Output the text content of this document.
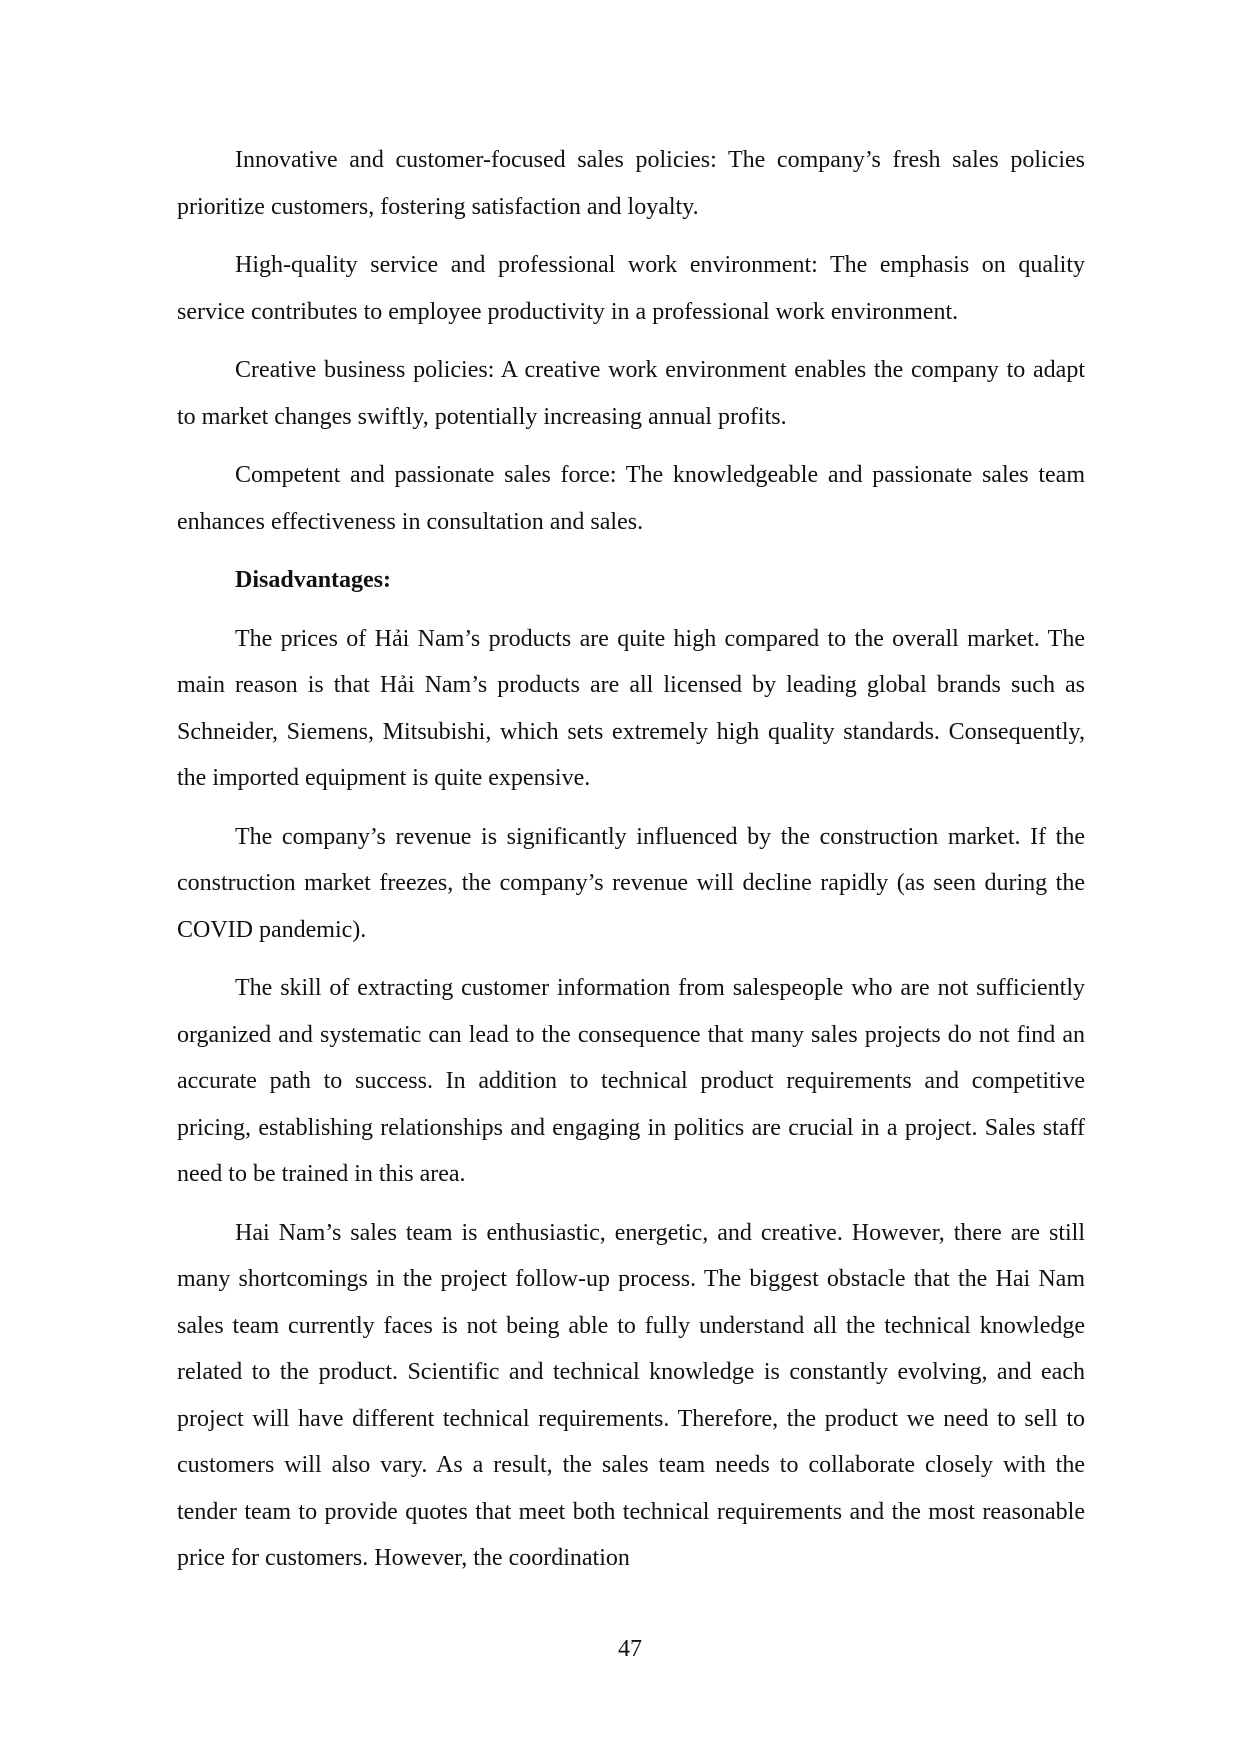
Innovative and customer-focused sales policies: The company’s fresh sales policies prioritize customers, fostering satisfaction and loyalty.

High-quality service and professional work environment: The emphasis on quality service contributes to employee productivity in a professional work environment.

Creative business policies: A creative work environment enables the company to adapt to market changes swiftly, potentially increasing annual profits.

Competent and passionate sales force: The knowledgeable and passionate sales team enhances effectiveness in consultation and sales.

Disadvantages:

The prices of Hải Nam’s products are quite high compared to the overall market. The main reason is that Hải Nam’s products are all licensed by leading global brands such as Schneider, Siemens, Mitsubishi, which sets extremely high quality standards. Consequently, the imported equipment is quite expensive.

The company’s revenue is significantly influenced by the construction market. If the construction market freezes, the company’s revenue will decline rapidly (as seen during the COVID pandemic).

The skill of extracting customer information from salespeople who are not sufficiently organized and systematic can lead to the consequence that many sales projects do not find an accurate path to success. In addition to technical product requirements and competitive pricing, establishing relationships and engaging in politics are crucial in a project. Sales staff need to be trained in this area.

Hai Nam’s sales team is enthusiastic, energetic, and creative. However, there are still many shortcomings in the project follow-up process. The biggest obstacle that the Hai Nam sales team currently faces is not being able to fully understand all the technical knowledge related to the product. Scientific and technical knowledge is constantly evolving, and each project will have different technical requirements. Therefore, the product we need to sell to customers will also vary. As a result, the sales team needs to collaborate closely with the tender team to provide quotes that meet both technical requirements and the most reasonable price for customers. However, the coordination

47
